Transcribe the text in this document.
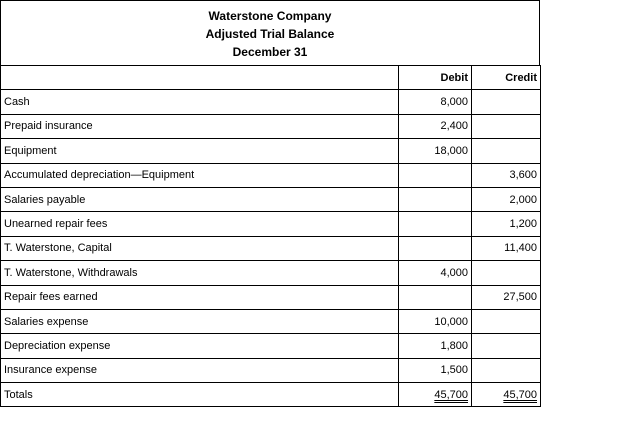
Waterstone Company
Adjusted Trial Balance
December 31
	Debit	Credit
Cash	8,000	
Prepaid insurance	2,400	
Equipment	18,000	
Accumulated depreciation—Equipment		3,600
Salaries payable		2,000
Unearned repair fees		1,200
T. Waterstone, Capital		11,400
T. Waterstone, Withdrawals	4,000	
Repair fees earned		27,500
Salaries expense	10,000	
Depreciation expense	1,800	
Insurance expense	1,500	
Totals	45,700	45,700
